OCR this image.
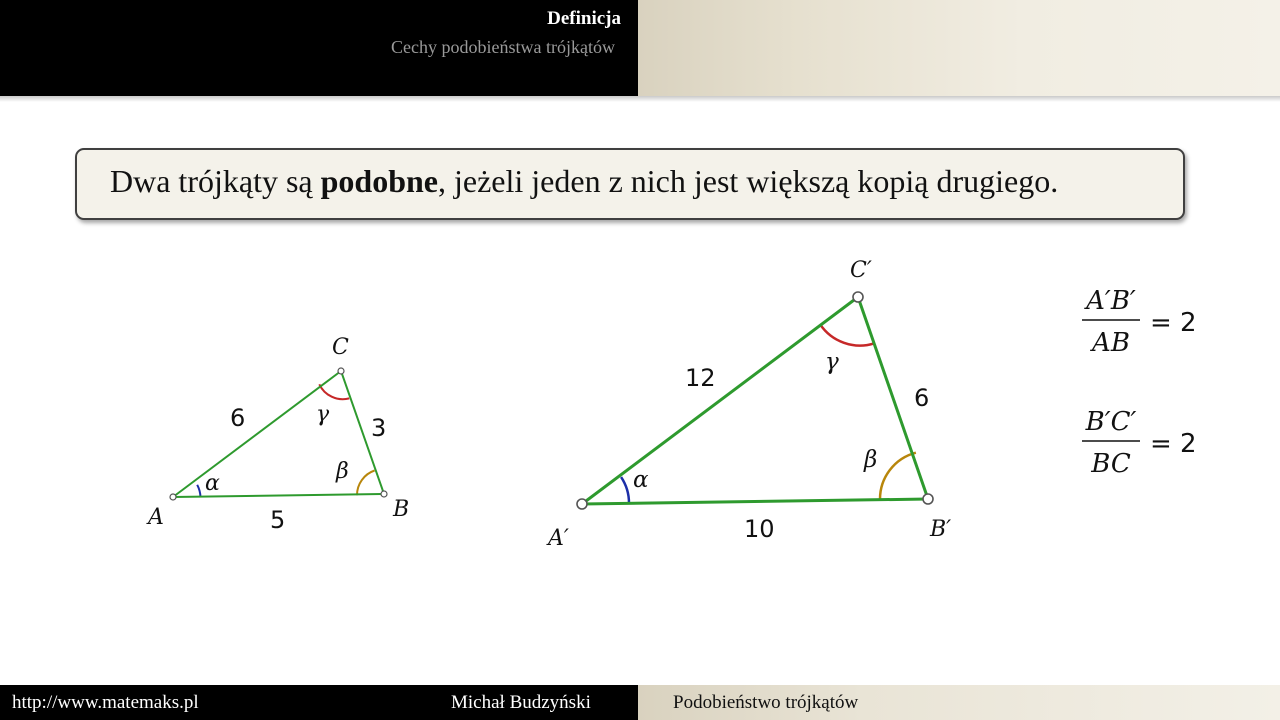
Definicja
Cechy podobieństwa trójkątów
Dwa trójkąty są podobne, jeżeli jeden z nich jest większą kopią drugiego.
A	B
C
5
6	3
α	β
γ
A′	B′
C′
10
12
6
α
β
γ
A′B′
AB
= 2
B′C′
BC
= 2
http://www.matemaks.pl	Michał Budzyński	Podobieństwo trójkątów
